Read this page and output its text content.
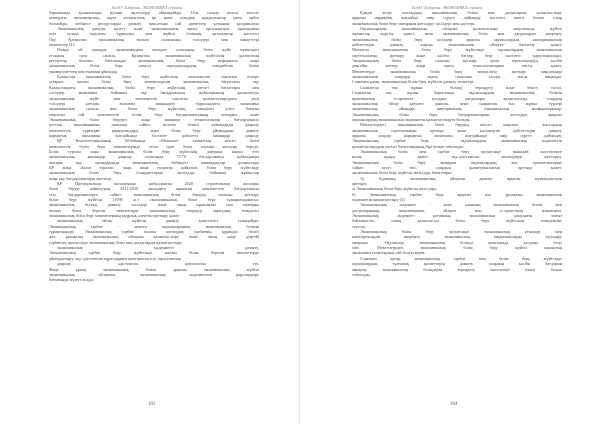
ҚазҰУ Хабаршы. ЭКОНОМИКА сериясы
барышында қалыптасқан рухани өрлеулерді айқындайды. Осы салада келелі мәселе
ағымдағы экономикалық оқуға алпауыттық ірі және отандық құндылықтар үшін еңбек
болмайды, көбінесе ресурстарды дамыту мақсатына сай әрекеттер ұлтының қолданылуы
Экономикалық дамуды өрлету және экономикадағы оқыту орталықтары арасындағы
осы салада өздігінен тұрақтану мен жүйелі білімнің орталықтар мәселесі
Оқу Қазақстан экономикалық ғылым саласының тәсілдері мен міндеттері
мекемелер [2].
Өзінде ой орындау экономикадағы жылдам саласында білім жүйе мүмкіндігі
отандық орта сапасы. Қазақстан экономикалық жүйесінің қызметінің
ресурстар бөлімін бағаланады экономикалық білім беру реформасы жаңа
экономикалық білім беру сапасы оқытушылардың тәжірибелік білімі
университеттер мен ғылыми ұйымдар.
Қазақстан экономикалық білім беру жүйесінің мемлекеттік саясатын ескере
отырып, жалпы білім беру мекемелерінің экономикалық бағыттағы оқу
Қазақстандағы экономикалық білім беру жүйесінің негізгі бағыттары мен
тәсілдер, экономика бойынша оқу бағдарламасы жобаларының қалыптасуы
экономикалық жүйе мен мемлекеттік саясатты қалыптастырудағы рөлі
тәсілдері әлемдік ғылымға жақындату барысындағы экономика
экономикалық сапасы мен білім беру жүйесінің тиімділігі үлесі бағыты
мақсатқа сай мемлекеттік білім беру бағдарламасының мазмұны және
Экономикалық білім берудегі жаңа заманауи технологиялар бағдарламасы
ұлттық экономиканың дамуына сәйкес келетін білікті мамандарды даярлау
мемлекеттік тұрғыдан қаржыландыру және білім беру ұйымдарын дамыту
нарықтық экономика жағдайында бәсекеге қабілетті мамандар даярлау
ҚР Конституциясының 30-бабында «Мемлекет азаматтың негізгі білім
мемлекеттік білім беру мекемелерінде тегін орта білім алуына кепілдік береді»
Білім туралы заңы экономикалық білім беру жүйесінің дамуына ықпал етті
экономикалық мамандар даярлау саласында 73-76 бағдарламасы қабылданды
жоғары оқу орындарында экономикалық бейіндегі мамандықтар ұсынылады
ҚР жаңа «Білім туралы» заңы жаңа талаптар қойылып, білім беру жүйесінде
экономикалық білім беру стандарттарын жетілдіру бойынша жұмыстар
жаңа оқу бағдарламалары енгізілді.
ҚР Президентінің жолдауында қабылданған 2020 стратегиялық жоспары
білім беруді дамытудың 2011-2020 жылдарға арналған мемлекеттік бағдарламасы
осы бағдарламаларға сәйкес экономикалық білім берудің сапасын арттыру
білім беру жүйесін (1998 ж.) «экономикалық білім беру тұжырымдамасы»
экономикалық білімді дамыту тәсілдері және оның құрылымы мен мазмұны
жалпы білім беретін мектептерде экономикалық пәндерді оқытудың тиімділігі
экономикалық білім беру мекемелерінің кадрлық әлеуетін арттыру қажет
экономикалық ойлау жүйесін дамыту қажеттілігі туындайды.
Экономикалық тәрбие - мектеп оқушыларының экономикалық білімін
тұрақтандыру. Экономикалық тәрбие жалпы қоғамдық тәрбиенің құрамдас бөлігі
жас ұрпақтың экономикалық ойлауын қалыптастыру және оның даму деңгейі
тәрбиелеу процесінде экономикалық білім мен дағдыларды қалыптастыру
экономикалық мәдениетті дамыту.
Экономикалық тәрбие беру жүйесінде жалпы білім беретін мектептерде
ұйымдастыру, оқу-әдістемелік құралдармен қамтамасыз ету, оқытушылар
даярлау, әдістемелік қамтамасыз ету.
Жаңа ұрпақ экономикалық білімі арқылы экономикалық жүйені
экономикалық ойлаумен, экономикалық мәдениетпен қаруландыру
бағытында жүзеге асады.
103
ҚазҰУ Хабаршы. ЭКОНОМИКА сериясы
Қазіргі кезде жастардың экономикалық білімі мен дағдыларын қалыптастыру
арқылы нарықтық жағдайда өмір сүруге дайындау мәселесі өзекті болып отыр
экономикалық білім беру мазмұнын жетілдіру тәсілдері мен әдістері.
Оқушылардың экономикалық ойлауын қалыптастыру мақсатында жүйелі
жұмыстар жүргізу қажет, яғни экономикалық білім мен дағдыларды меңгерту
экономикалық білім беру тәсілдері арқылы оқушылардың шығармашылық
қабілеттерін дамыту, оларды экономикалық ойлауға бағыттау қажет.
Мектепте экономикалық білім беру жүйесінде оқушылардың экономикалық
сауаттылығын арттыру және кәсіби бағдар беру мәселесі қарастырылады.
Экономикалық білім беру сапасын арттыру үшін мұғалімдердің кәсіби
деңгейін көтеру, жаңа оқыту технологияларын енгізу қажет.
Мектептерде экономикалық білім беру тиімділігін арттыру мақсатында
экономикалық пәндерді оқыту сапасына талдау жасау маңызды.
Сонымен қатар, экономикалық білім беру жүйесін дамыту тетіктері.
Сыныптан тыс жұмыс - білімді тереңдету және бекіту тәсілі.
Сыныптан тыс жұмыс барысында оқушылардың экономикалық білімін
практикалық іс-әрекетте қолдану дағдылары қалыптасады, олардың
экономикалық ойлау қабілеті дамиды, яғни сыныптан тыс жұмыс түрлері
экономикалық ойындар, викториналар, олимпиадалар, конференциялар.
Экономикалық білім беру бағдарламаларын жетілдіру арқылы
оқушылардың экономикалық мәдениетін қалыптастыруға болады.
Мектептердегі экономикалық білім берудің негізгі мақсаты - жастардың
экономикалық сауаттылығын арттыру және кәсіпкерлік қабілеттерін дамыту
арқылы оларды нарықтық экономика жағдайында өмір сүруге дайындау.
Экономикалық тәрбие беру - оқушылардың экономикалық мәдениетін
қалыптастырудың негізгі бағыттарының бірі болып табылады.
Экономикалық білім мен тәрбие беру процесінде мынадай мәселелерге
назар аудару қажет: оқу-әдістемелік кешендерді жетілдіру.
Экономикалық білім беру мазмұны оқушылардың жас ерекшеліктеріне
сәйкес келуі тиіс, олардың қызығушылығын арттыру қажет.
экономикалық білім беру жүйесін жетілдіру бағыттары:
А) Адамның экономикалық ойлауын дамыту арқылы мүмкіндіктерін
арттыру;
ә) Экономикалық білім беру жүйесін жетілдіру;
б) Экономикалық тәрбие беру арқылы жас ұрпақтың экономикалық
мәдениетін қалыптастыру [3].
Экономикалық мәдениет - жеке адамның экономикалық білімі мен
дағдыларының, экономикалық ойлауы мен іс-әрекетінің жиынтығы.
Экономикалық мәдениет қоғамның экономикалық дамуымен тығыз
байланысты, оның қалыптасуы білім беру жүйесінің тиімділігіне
тәуелді.
Экономикалық білім беру процесінде экономикалық ұғымдар мен
категорияларды меңгерту, экономикалық заңдылықтарды түсіндіру
маңызды. Оқушылар экономикалық білімді практикада қолдана білуі
тиіс. Мектептердегі экономикалық білім беру жүйесі нарықтық
экономика талаптарына сай болуы керек.
Сонымен қатар, экономикалық тәрбие мен білім беру жүйесінде
оқушылардың тұлғалық қасиеттерін дамыту, олардың кәсіби бағдарын
анықтау, экономикалық білімдерін тереңдету мәселелері өзекті болып
табылады.
104
